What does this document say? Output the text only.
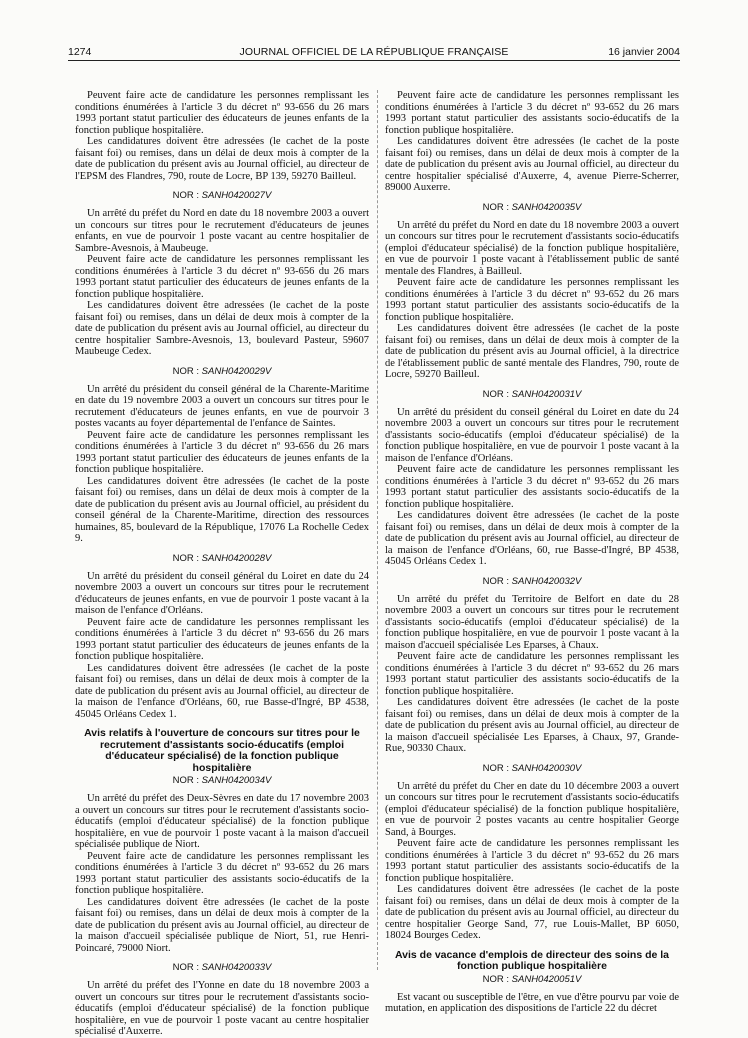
1274	JOURNAL OFFICIEL DE LA RÉPUBLIQUE FRANÇAISE	16 janvier 2004

Peuvent faire acte de candidature les personnes remplissant les conditions énumérées à l'article 3 du décret nº 93-656 du 26 mars 1993 portant statut particulier des éducateurs de jeunes enfants de la fonction publique hospitalière.

Les candidatures doivent être adressées (le cachet de la poste faisant foi) ou remises, dans un délai de deux mois à compter de la date de publication du présent avis au Journal officiel, au directeur de l'EPSM des Flandres, 790, route de Locre, BP 139, 59270 Bailleul.

NOR : SANH0420027V

Un arrêté du préfet du Nord en date du 18 novembre 2003 a ouvert un concours sur titres pour le recrutement d'éducateurs de jeunes enfants, en vue de pourvoir 1 poste vacant au centre hospitalier de Sambre-Avesnois, à Maubeuge.

Peuvent faire acte de candidature les personnes remplissant les conditions énumérées à l'article 3 du décret nº 93-656 du 26 mars 1993 portant statut particulier des éducateurs de jeunes enfants de la fonction publique hospitalière.

Les candidatures doivent être adressées (le cachet de la poste faisant foi) ou remises, dans un délai de deux mois à compter de la date de publication du présent avis au Journal officiel, au directeur du centre hospitalier Sambre-Avesnois, 13, boulevard Pasteur, 59607 Maubeuge Cedex.

NOR : SANH0420029V

Un arrêté du président du conseil général de la Charente-Maritime en date du 19 novembre 2003 a ouvert un concours sur titres pour le recrutement d'éducateurs de jeunes enfants, en vue de pourvoir 3 postes vacants au foyer départemental de l'enfance de Saintes.

Peuvent faire acte de candidature les personnes remplissant les conditions énumérées à l'article 3 du décret nº 93-656 du 26 mars 1993 portant statut particulier des éducateurs de jeunes enfants de la fonction publique hospitalière.

Les candidatures doivent être adressées (le cachet de la poste faisant foi) ou remises, dans un délai de deux mois à compter de la date de publication du présent avis au Journal officiel, au président du conseil général de la Charente-Maritime, direction des ressources humaines, 85, boulevard de la République, 17076 La Rochelle Cedex 9.

NOR : SANH0420028V

Un arrêté du président du conseil général du Loiret en date du 24 novembre 2003 a ouvert un concours sur titres pour le recrutement d'éducateurs de jeunes enfants, en vue de pourvoir 1 poste vacant à la maison de l'enfance d'Orléans.

Peuvent faire acte de candidature les personnes remplissant les conditions énumérées à l'article 3 du décret nº 93-656 du 26 mars 1993 portant statut particulier des éducateurs de jeunes enfants de la fonction publique hospitalière.

Les candidatures doivent être adressées (le cachet de la poste faisant foi) ou remises, dans un délai de deux mois à compter de la date de publication du présent avis au Journal officiel, au directeur de la maison de l'enfance d'Orléans, 60, rue Basse-d'Ingré, BP 4538, 45045 Orléans Cedex 1.

Avis relatifs à l'ouverture de concours sur titres pour le recrutement d'assistants socio-éducatifs (emploi d'éducateur spécialisé) de la fonction publique hospitalière

NOR : SANH0420034V

Un arrêté du préfet des Deux-Sèvres en date du 17 novembre 2003 a ouvert un concours sur titres pour le recrutement d'assistants socio-éducatifs (emploi d'éducateur spécialisé) de la fonction publique hospitalière, en vue de pourvoir 1 poste vacant à la maison d'accueil spécialisée publique de Niort.

Peuvent faire acte de candidature les personnes remplissant les conditions énumérées à l'article 3 du décret nº 93-652 du 26 mars 1993 portant statut particulier des assistants socio-éducatifs de la fonction publique hospitalière.

Les candidatures doivent être adressées (le cachet de la poste faisant foi) ou remises, dans un délai de deux mois à compter de la date de publication du présent avis au Journal officiel, au directeur de la maison d'accueil spécialisée publique de Niort, 51, rue Henri-Poincaré, 79000 Niort.

NOR : SANH0420033V

Un arrêté du préfet des l'Yonne en date du 18 novembre 2003 a ouvert un concours sur titres pour le recrutement d'assistants socio-éducatifs (emploi d'éducateur spécialisé) de la fonction publique hospitalière, en vue de pourvoir 1 poste vacant au centre hospitalier spécialisé d'Auxerre.

Peuvent faire acte de candidature les personnes remplissant les conditions énumérées à l'article 3 du décret nº 93-652 du 26 mars 1993 portant statut particulier des assistants socio-éducatifs de la fonction publique hospitalière.

Les candidatures doivent être adressées (le cachet de la poste faisant foi) ou remises, dans un délai de deux mois à compter de la date de publication du présent avis au Journal officiel, au directeur du centre hospitalier spécialisé d'Auxerre, 4, avenue Pierre-Scherrer, 89000 Auxerre.

NOR : SANH0420035V

Un arrêté du préfet du Nord en date du 18 novembre 2003 a ouvert un concours sur titres pour le recrutement d'assistants socio-éducatifs (emploi d'éducateur spécialisé) de la fonction publique hospitalière, en vue de pourvoir 1 poste vacant à l'établissement public de santé mentale des Flandres, à Bailleul.

Peuvent faire acte de candidature les personnes remplissant les conditions énumérées à l'article 3 du décret nº 93-652 du 26 mars 1993 portant statut particulier des assistants socio-éducatifs de la fonction publique hospitalière.

Les candidatures doivent être adressées (le cachet de la poste faisant foi) ou remises, dans un délai de deux mois à compter de la date de publication du présent avis au Journal officiel, à la directrice de l'établissement public de santé mentale des Flandres, 790, route de Locre, 59270 Bailleul.

NOR : SANH0420031V

Un arrêté du président du conseil général du Loiret en date du 24 novembre 2003 a ouvert un concours sur titres pour le recrutement d'assistants socio-éducatifs (emploi d'éducateur spécialisé) de la fonction publique hospitalière, en vue de pourvoir 1 poste vacant à la maison de l'enfance d'Orléans.

Peuvent faire acte de candidature les personnes remplissant les conditions énumérées à l'article 3 du décret nº 93-652 du 26 mars 1993 portant statut particulier des assistants socio-éducatifs de la fonction publique hospitalière.

Les candidatures doivent être adressées (le cachet de la poste faisant foi) ou remises, dans un délai de deux mois à compter de la date de publication du présent avis au Journal officiel, au directeur de la maison de l'enfance d'Orléans, 60, rue Basse-d'Ingré, BP 4538, 45045 Orléans Cedex 1.

NOR : SANH0420032V

Un arrêté du préfet du Territoire de Belfort en date du 28 novembre 2003 a ouvert un concours sur titres pour le recrutement d'assistants socio-éducatifs (emploi d'éducateur spécialisé) de la fonction publique hospitalière, en vue de pourvoir 1 poste vacant à la maison d'accueil spécialisée Les Eparses, à Chaux.

Peuvent faire acte de candidature les personnes remplissant les conditions énumérées à l'article 3 du décret nº 93-652 du 26 mars 1993 portant statut particulier des assistants socio-éducatifs de la fonction publique hospitalière.

Les candidatures doivent être adressées (le cachet de la poste faisant foi) ou remises, dans un délai de deux mois à compter de la date de publication du présent avis au Journal officiel, au directeur de la maison d'accueil spécialisée Les Eparses, à Chaux, 97, Grande-Rue, 90330 Chaux.

NOR : SANH0420030V

Un arrêté du préfet du Cher en date du 10 décembre 2003 a ouvert un concours sur titres pour le recrutement d'assistants socio-éducatifs (emploi d'éducateur spécialisé) de la fonction publique hospitalière, en vue de pourvoir 2 postes vacants au centre hospitalier George Sand, à Bourges.

Peuvent faire acte de candidature les personnes remplissant les conditions énumérées à l'article 3 du décret nº 93-652 du 26 mars 1993 portant statut particulier des assistants socio-éducatifs de la fonction publique hospitalière.

Les candidatures doivent être adressées (le cachet de la poste faisant foi) ou remises, dans un délai de deux mois à compter de la date de publication du présent avis au Journal officiel, au directeur du centre hospitalier George Sand, 77, rue Louis-Mallet, BP 6050, 18024 Bourges Cedex.

Avis de vacance d'emplois de directeur des soins de la fonction publique hospitalière

NOR : SANH0420051V

Est vacant ou susceptible de l'être, en vue d'être pourvu par voie de mutation, en application des dispositions de l'article 22 du décret
